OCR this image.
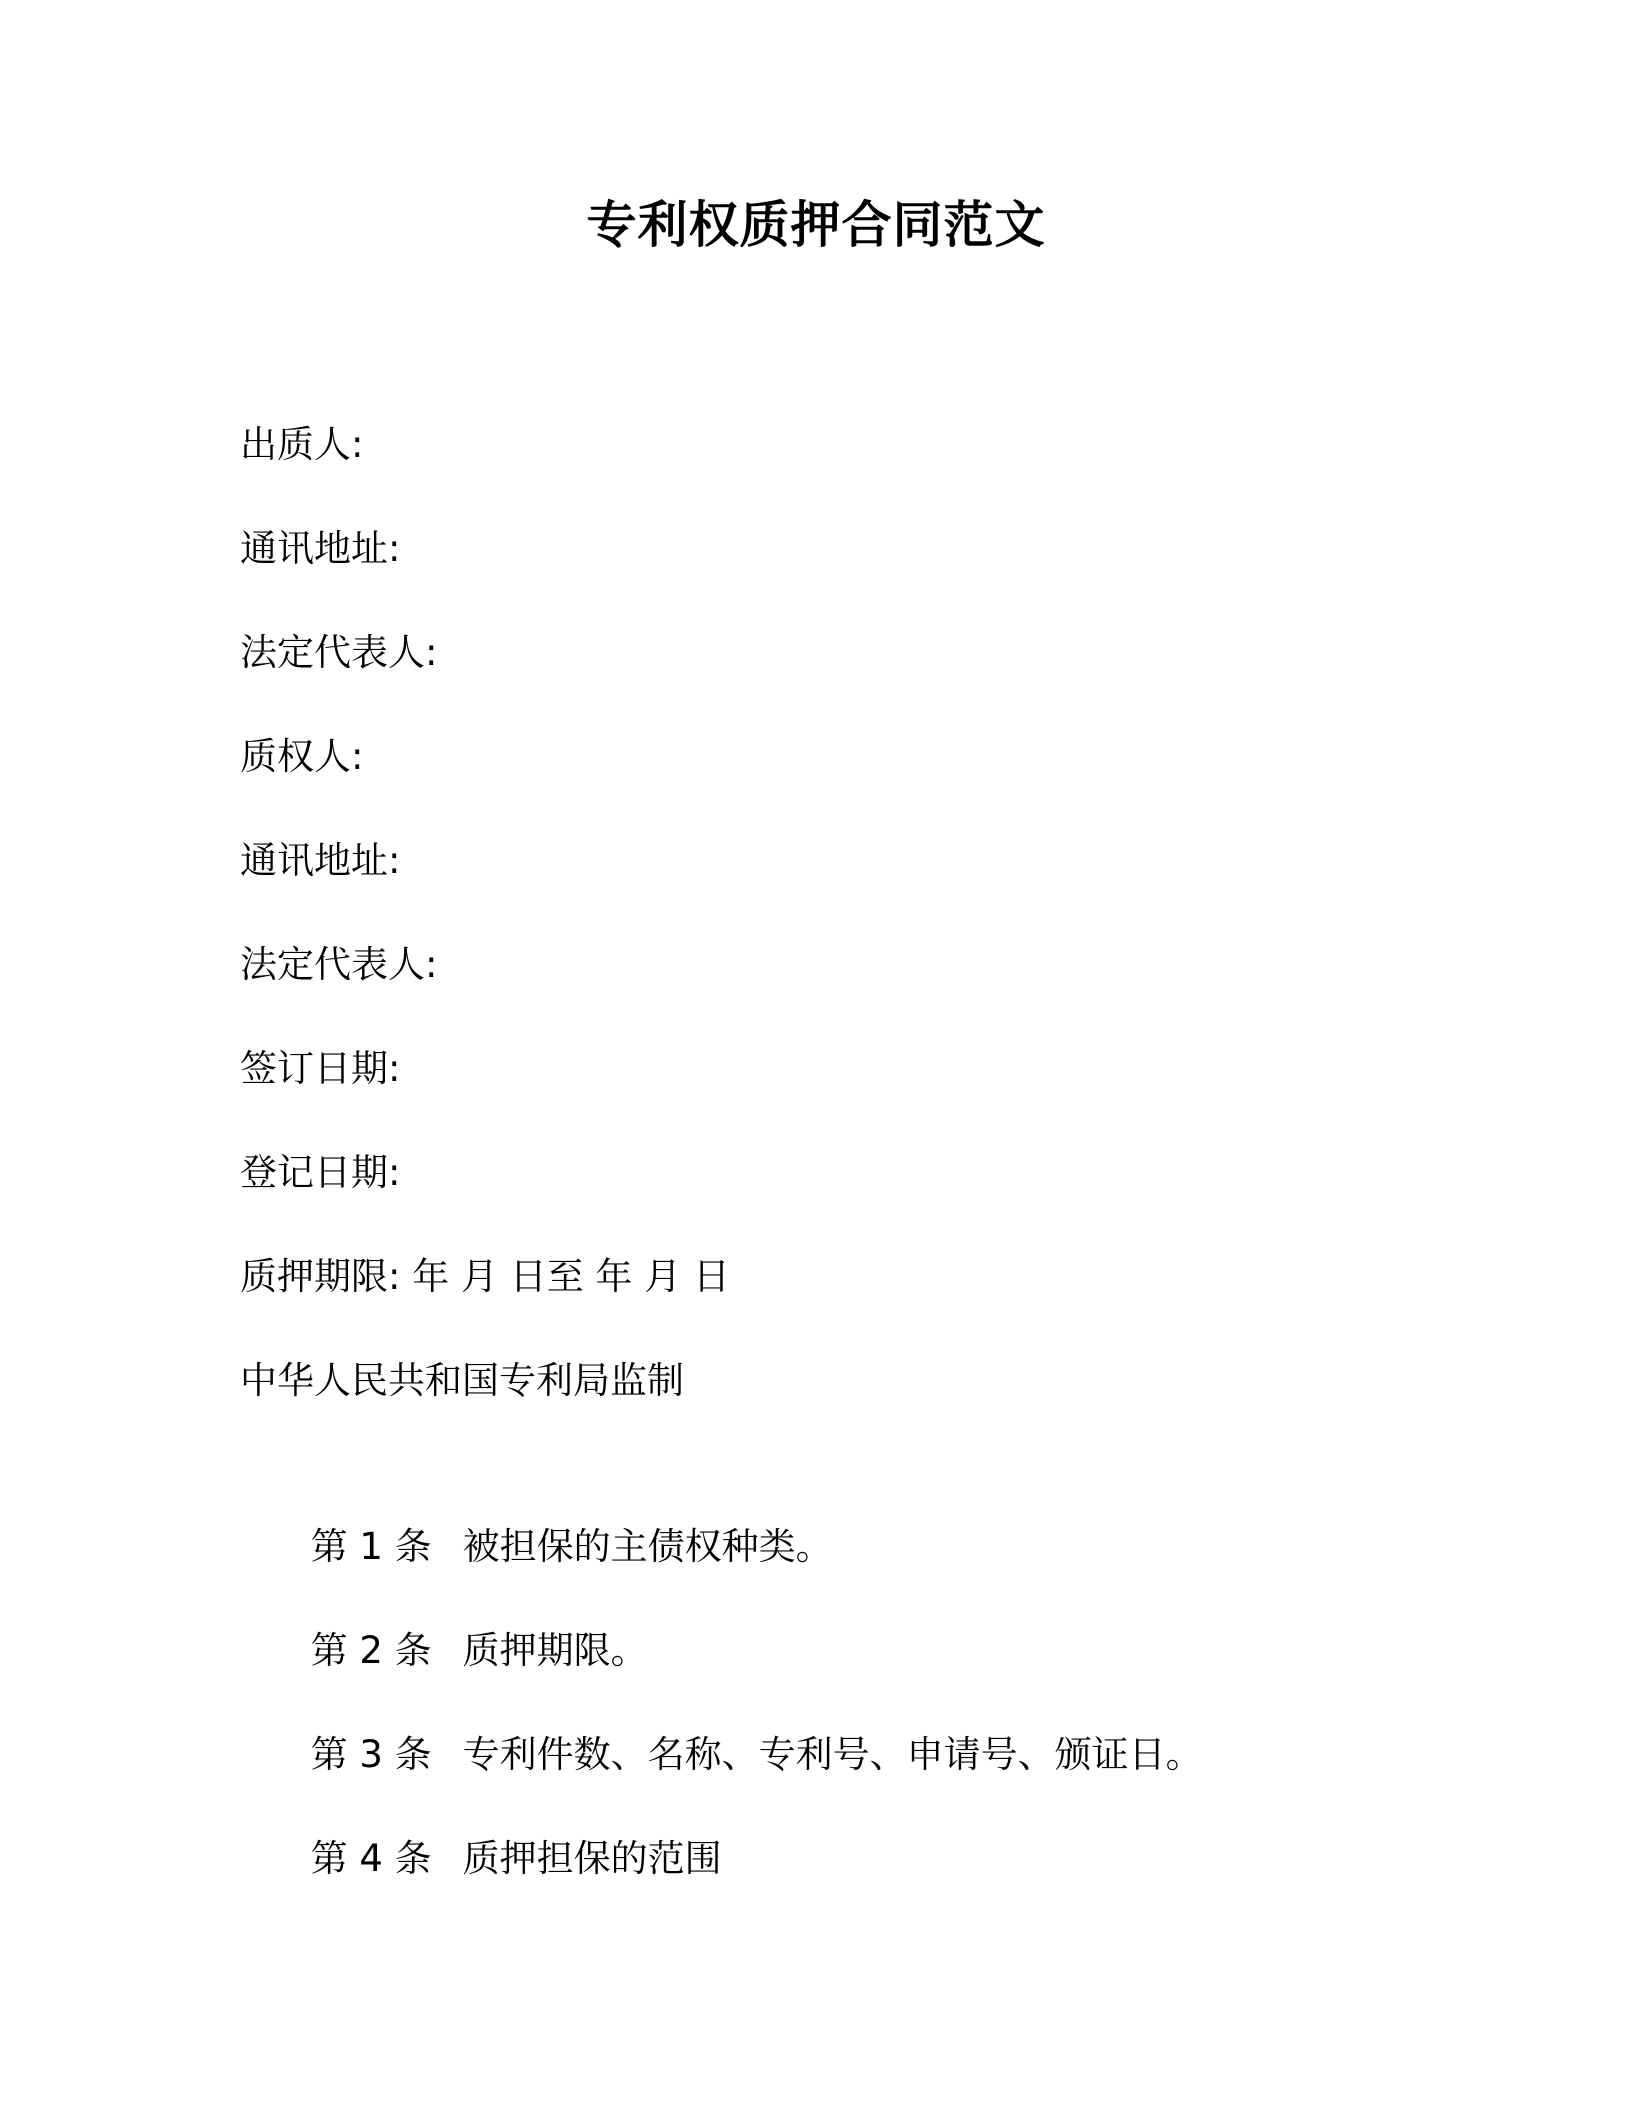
专利权质押合同范文
出质人:
通讯地址:
法定代表人:
质权人:
通讯地址:
法定代表人:
签订日期:
登记日期:
质押期限: 年 月 日至 年 月 日
中华人民共和国专利局监制

第 1 条 被担保的主债权种类。

第 2 条 质押期限。

第 3 条 专利件数、名称、专利号、申请号、颁证日。

第 4 条 质押担保的范围
